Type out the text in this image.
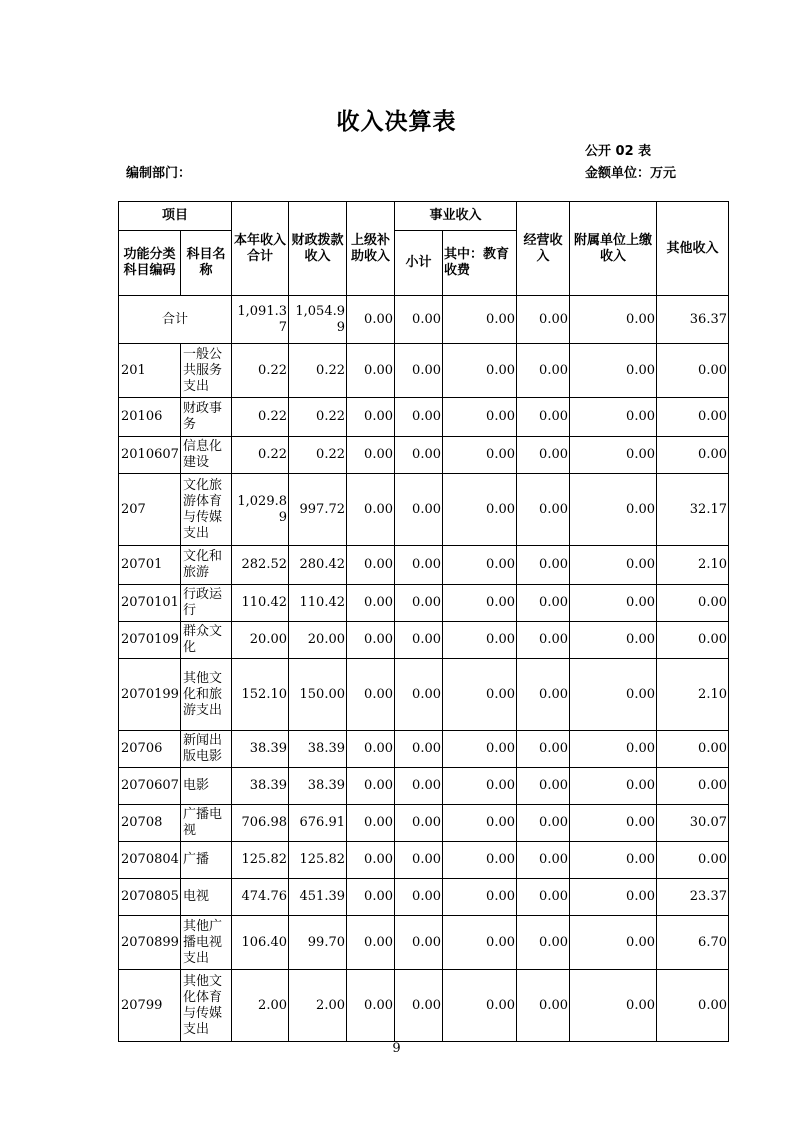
收入决算表
公开 02 表
编制部门：	金额单位：万元
项目		本年收入合计	财政拨款收入	上级补助收入	事业收入		经营收入	附属单位上缴收入	其他收入
功能分类科目编码	科目名称				小计	其中：教育收费			

合计		1,091.37	1,054.99	0.00	0.00	0.00	0.00	0.00	36.37
201	一般公共服务支出	0.22	0.22	0.00	0.00	0.00	0.00	0.00	0.00
20106	财政事务	0.22	0.22	0.00	0.00	0.00	0.00	0.00	0.00
2010607	信息化建设	0.22	0.22	0.00	0.00	0.00	0.00	0.00	0.00
207	文化旅游体育与传媒支出	1,029.89	997.72	0.00	0.00	0.00	0.00	0.00	32.17
20701	文化和旅游	282.52	280.42	0.00	0.00	0.00	0.00	0.00	2.10
2070101	行政运行	110.42	110.42	0.00	0.00	0.00	0.00	0.00	0.00
2070109	群众文化	20.00	20.00	0.00	0.00	0.00	0.00	0.00	0.00
2070199	其他文化和旅游支出	152.10	150.00	0.00	0.00	0.00	0.00	0.00	2.10
20706	新闻出版电影	38.39	38.39	0.00	0.00	0.00	0.00	0.00	0.00
2070607	电影	38.39	38.39	0.00	0.00	0.00	0.00	0.00	0.00
20708	广播电视	706.98	676.91	0.00	0.00	0.00	0.00	0.00	30.07
2070804	广播	125.82	125.82	0.00	0.00	0.00	0.00	0.00	0.00
2070805	电视	474.76	451.39	0.00	0.00	0.00	0.00	0.00	23.37
2070899	其他广播电视支出	106.40	99.70	0.00	0.00	0.00	0.00	0.00	6.70
20799	其他文化体育与传媒支出	2.00	2.00	0.00	0.00	0.00	0.00	0.00	0.00
9
